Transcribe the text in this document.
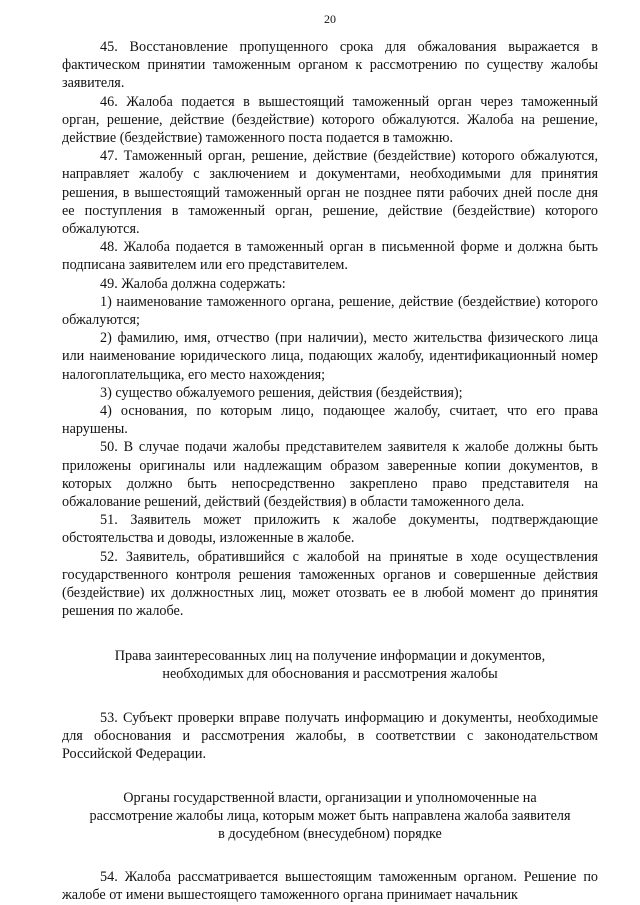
20

45. Восстановление пропущенного срока для обжалования выражается в фактическом принятии таможенным органом к рассмотрению по существу жалобы заявителя.

46. Жалоба подается в вышестоящий таможенный орган через таможенный орган, решение, действие (бездействие) которого обжалуются. Жалоба на решение, действие (бездействие) таможенного поста подается в таможню.

47. Таможенный орган, решение, действие (бездействие) которого обжалуются, направляет жалобу с заключением и документами, необходимыми для принятия решения, в вышестоящий таможенный орган не позднее пяти рабочих дней после дня ее поступления в таможенный орган, решение, действие (бездействие) которого обжалуются.

48. Жалоба подается в таможенный орган в письменной форме и должна быть подписана заявителем или его представителем.

49. Жалоба должна содержать:

1) наименование таможенного органа, решение, действие (бездействие) которого обжалуются;

2) фамилию, имя, отчество (при наличии), место жительства физического лица или наименование юридического лица, подающих жалобу, идентификационный номер налогоплательщика, его место нахождения;

3) существо обжалуемого решения, действия (бездействия);

4) основания, по которым лицо, подающее жалобу, считает, что его права нарушены.

50. В случае подачи жалобы представителем заявителя к жалобе должны быть приложены оригиналы или надлежащим образом заверенные копии документов, в которых должно быть непосредственно закреплено право представителя на обжалование решений, действий (бездействия) в области таможенного дела.

51. Заявитель может приложить к жалобе документы, подтверждающие обстоятельства и доводы, изложенные в жалобе.

52. Заявитель, обратившийся с жалобой на принятые в ходе осуществления государственного контроля решения таможенных органов и совершенные действия (бездействие) их должностных лиц, может отозвать ее в любой момент до принятия решения по жалобе.

Права заинтересованных лиц на получение информации и документов,
необходимых для обоснования и рассмотрения жалобы

53. Субъект проверки вправе получать информацию и документы, необходимые для обоснования и рассмотрения жалобы, в соответствии с законодательством Российской Федерации.

Органы государственной власти, организации и уполномоченные на
рассмотрение жалобы лица, которым может быть направлена жалоба заявителя
в досудебном (внесудебном) порядке

54. Жалоба рассматривается вышестоящим таможенным органом. Решение по жалобе от имени вышестоящего таможенного органа принимает начальник
